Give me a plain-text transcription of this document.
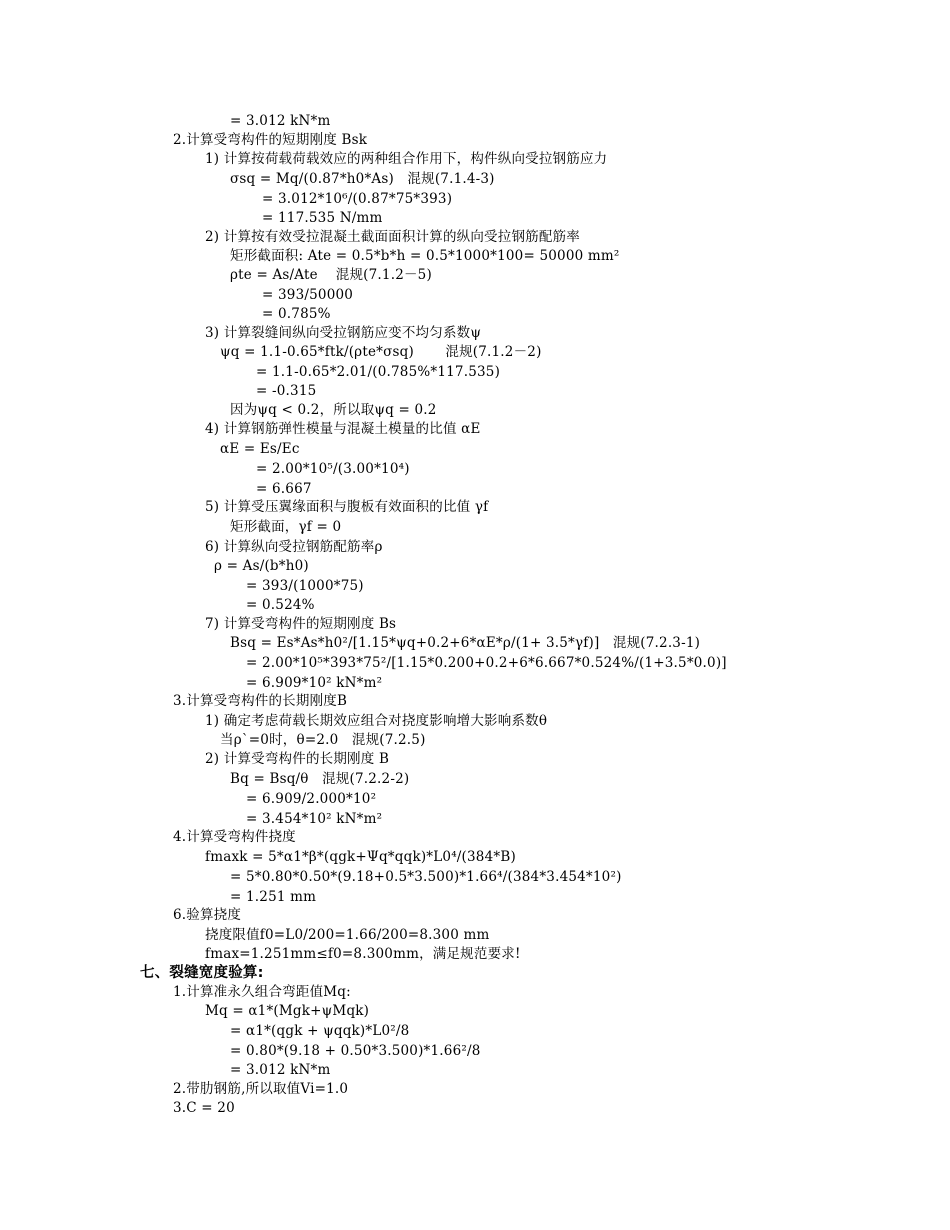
= 3.012 kN*m
2.计算受弯构件的短期刚度 Bsk
1) 计算按荷载荷载效应的两种组合作用下，构件纵向受拉钢筋应力
σsq = Mq/(0.87*h0*As)   混规(7.1.4-3)
= 3.012*10⁶/(0.87*75*393)
= 117.535 N/mm
2) 计算按有效受拉混凝土截面面积计算的纵向受拉钢筋配筋率
矩形截面积: Ate = 0.5*b*h = 0.5*1000*100= 50000 mm²
ρte = As/Ate    混规(7.1.2－5)
= 393/50000
= 0.785%
3) 计算裂缝间纵向受拉钢筋应变不均匀系数ψ
ψq = 1.1-0.65*ftk/(ρte*σsq)       混规(7.1.2－2)
= 1.1-0.65*2.01/(0.785%*117.535)
= -0.315
因为ψq < 0.2，所以取ψq = 0.2
4) 计算钢筋弹性模量与混凝土模量的比值 αE
αE = Es/Ec
= 2.00*10⁵/(3.00*10⁴)
= 6.667
5) 计算受压翼缘面积与腹板有效面积的比值 γf
矩形截面，γf = 0
6) 计算纵向受拉钢筋配筋率ρ
ρ = As/(b*h0)
= 393/(1000*75)
= 0.524%
7) 计算受弯构件的短期刚度 Bs
Bsq = Es*As*h0²/[1.15*ψq+0.2+6*αE*ρ/(1+ 3.5*γf)]   混规(7.2.3-1)
= 2.00*10⁵*393*75²/[1.15*0.200+0.2+6*6.667*0.524%/(1+3.5*0.0)]
= 6.909*10² kN*m²
3.计算受弯构件的长期刚度B
1) 确定考虑荷载长期效应组合对挠度影响增大影响系数θ
当ρ`=0时，θ=2.0   混规(7.2.5)
2) 计算受弯构件的长期刚度 B
Bq = Bsq/θ   混规(7.2.2-2)
= 6.909/2.000*10²
= 3.454*10² kN*m²
4.计算受弯构件挠度
fmaxk = 5*α1*β*(qgk+Ψq*qqk)*L0⁴/(384*B)
= 5*0.80*0.50*(9.18+0.5*3.500)*1.66⁴/(384*3.454*10²)
= 1.251 mm
6.验算挠度
挠度限值f0=L0/200=1.66/200=8.300 mm
fmax=1.251mm≤f0=8.300mm，满足规范要求!
七、裂缝宽度验算:
1.计算准永久组合弯距值Mq:
Mq = α1*(Mgk+ψMqk)
= α1*(qgk + ψqqk)*L0²/8
= 0.80*(9.18 + 0.50*3.500)*1.66²/8
= 3.012 kN*m
2.带肋钢筋,所以取值Vi=1.0
3.C = 20
